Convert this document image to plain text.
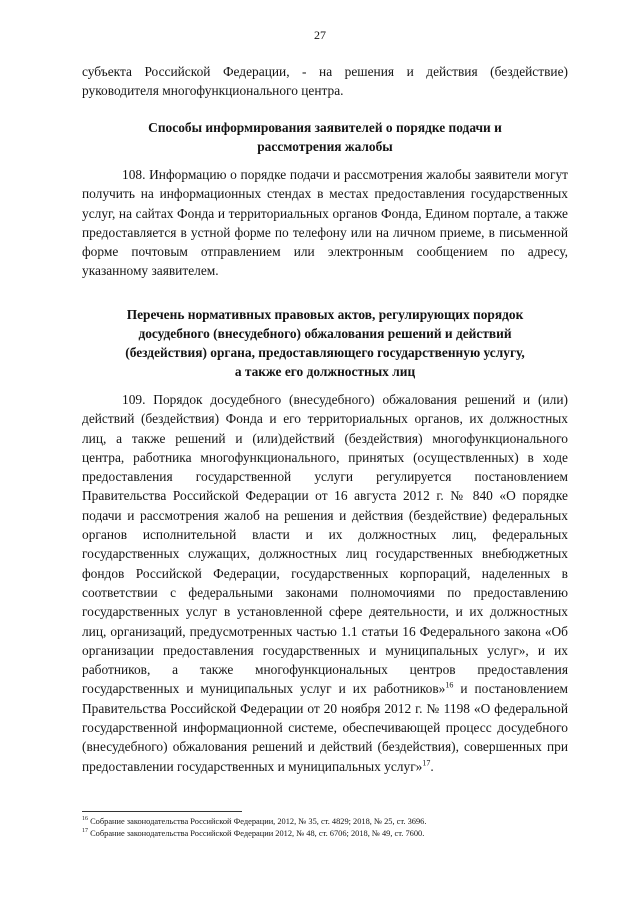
27

субъекта Российской Федерации, - на решения и действия (бездействие) руководителя многофункционального центра.

Способы информирования заявителей о порядке подачи и
рассмотрения жалобы

108. Информацию о порядке подачи и рассмотрения жалобы заявители могут получить на информационных стендах в местах предоставления государственных услуг, на сайтах Фонда и территориальных органов Фонда, Едином портале, а также предоставляется в устной форме по телефону или на личном приеме, в письменной форме почтовым отправлением или электронным сообщением по адресу, указанному заявителем.

Перечень нормативных правовых актов, регулирующих порядок
досудебного (внесудебного) обжалования решений и действий
(бездействия) органа, предоставляющего государственную услугу,
а также его должностных лиц

109. Порядок досудебного (внесудебного) обжалования решений и (или) действий (бездействия) Фонда и его территориальных органов, их должностных лиц, а также решений и (или)действий (бездействия) многофункционального центра, работника многофункционального, принятых (осуществленных) в ходе предоставления государственной услуги регулируется постановлением Правительства Российской Федерации от 16 августа 2012 г. № 840 «О порядке подачи и рассмотрения жалоб на решения и действия (бездействие) федеральных органов исполнительной власти и их должностных лиц, федеральных государственных служащих, должностных лиц государственных внебюджетных фондов Российской Федерации, государственных корпораций, наделенных в соответствии с федеральными законами полномочиями по предоставлению государственных услуг в установленной сфере деятельности, и их должностных лиц, организаций, предусмотренных частью 1.1 статьи 16 Федерального закона «Об организации предоставления государственных и муниципальных услуг», и их работников, а также многофункциональных центров предоставления государственных и муниципальных услуг и их работников»$^{16}$ и постановлением Правительства Российской Федерации от 20 ноября 2012 г. № 1198 «О федеральной государственной информационной системе, обеспечивающей процесс досудебного (внесудебного) обжалования решений и действий (бездействия), совершенных при предоставлении государственных и муниципальных услуг»$^{17}$.

$^{16}$ Собрание законодательства Российской Федерации, 2012, № 35, ст. 4829; 2018, № 25, ст. 3696.
$^{17}$ Собрание законодательства Российской Федерации 2012, № 48, ст. 6706; 2018, № 49, ст. 7600.
